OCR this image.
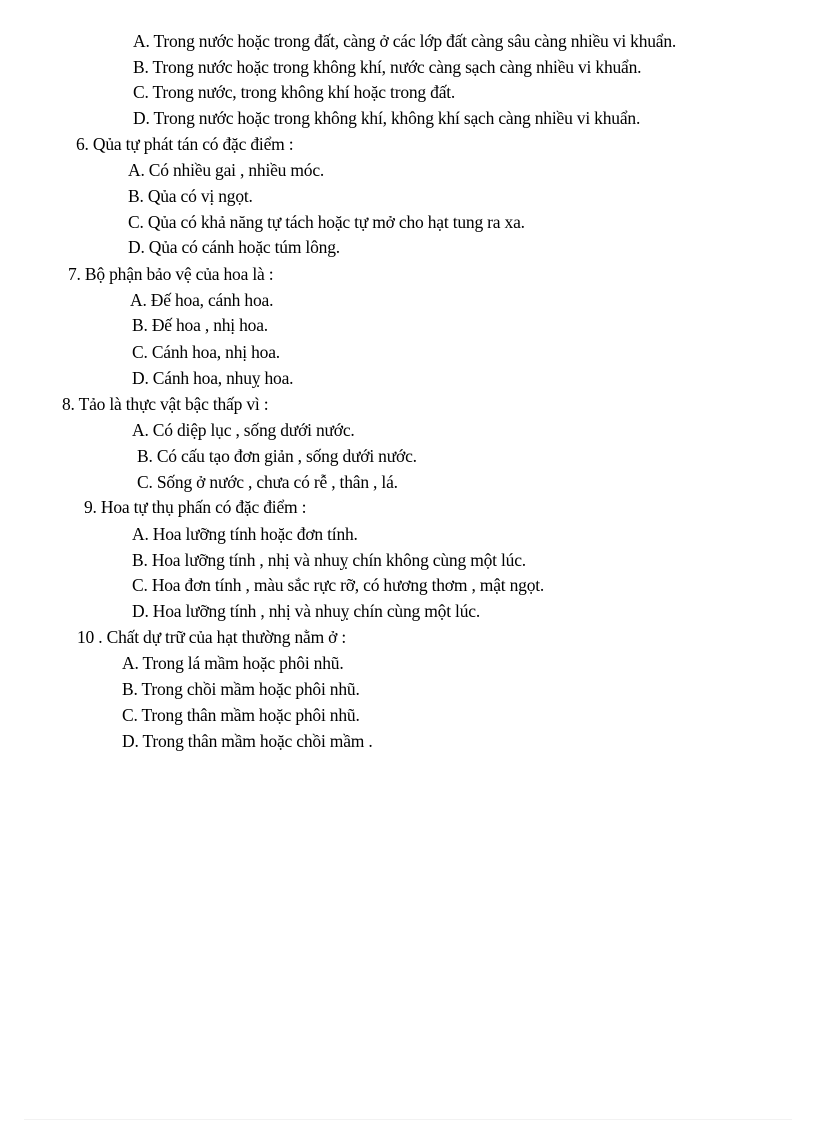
A. Trong nước hoặc trong đất, càng ở các lớp đất càng sâu càng nhiều vi khuẩn.
B. Trong nước hoặc trong không khí, nước càng sạch càng nhiều vi khuẩn.
C. Trong nước, trong không khí hoặc trong đất.
D. Trong nước hoặc trong không khí, không khí sạch càng nhiều vi khuẩn.
6. Qủa tự phát tán có đặc điểm :
A. Có nhiều gai , nhiều móc.
B. Qủa có vị ngọt.
C. Qủa có khả năng tự tách hoặc tự mở cho hạt tung ra xa.
D. Qủa có cánh hoặc túm lông.
7. Bộ phận bảo vệ của hoa là :
A. Đế hoa, cánh hoa.
B. Đế hoa , nhị hoa.
C. Cánh hoa, nhị hoa.
D. Cánh hoa, nhuỵ hoa.
8. Tảo là thực vật bậc thấp vì :
A. Có diệp lục , sống dưới nước.
B. Có cấu tạo đơn giản , sống dưới nước.
C. Sống ở nước , chưa có rễ , thân , lá.
9. Hoa tự thụ phấn có đặc điểm :
A. Hoa lưỡng tính hoặc đơn tính.
B. Hoa lưỡng tính , nhị và nhuỵ chín không cùng một lúc.
C. Hoa đơn tính , màu sắc rực rỡ, có hương thơm , mật ngọt.
D. Hoa lưỡng tính , nhị và nhuỵ chín cùng một lúc.
10 . Chất dự trữ của hạt thường nằm ở :
A. Trong lá mầm hoặc phôi nhũ.
B. Trong chồi mầm hoặc phôi nhũ.
C. Trong thân mầm hoặc phôi nhũ.
D. Trong thân mầm hoặc chồi mầm .
